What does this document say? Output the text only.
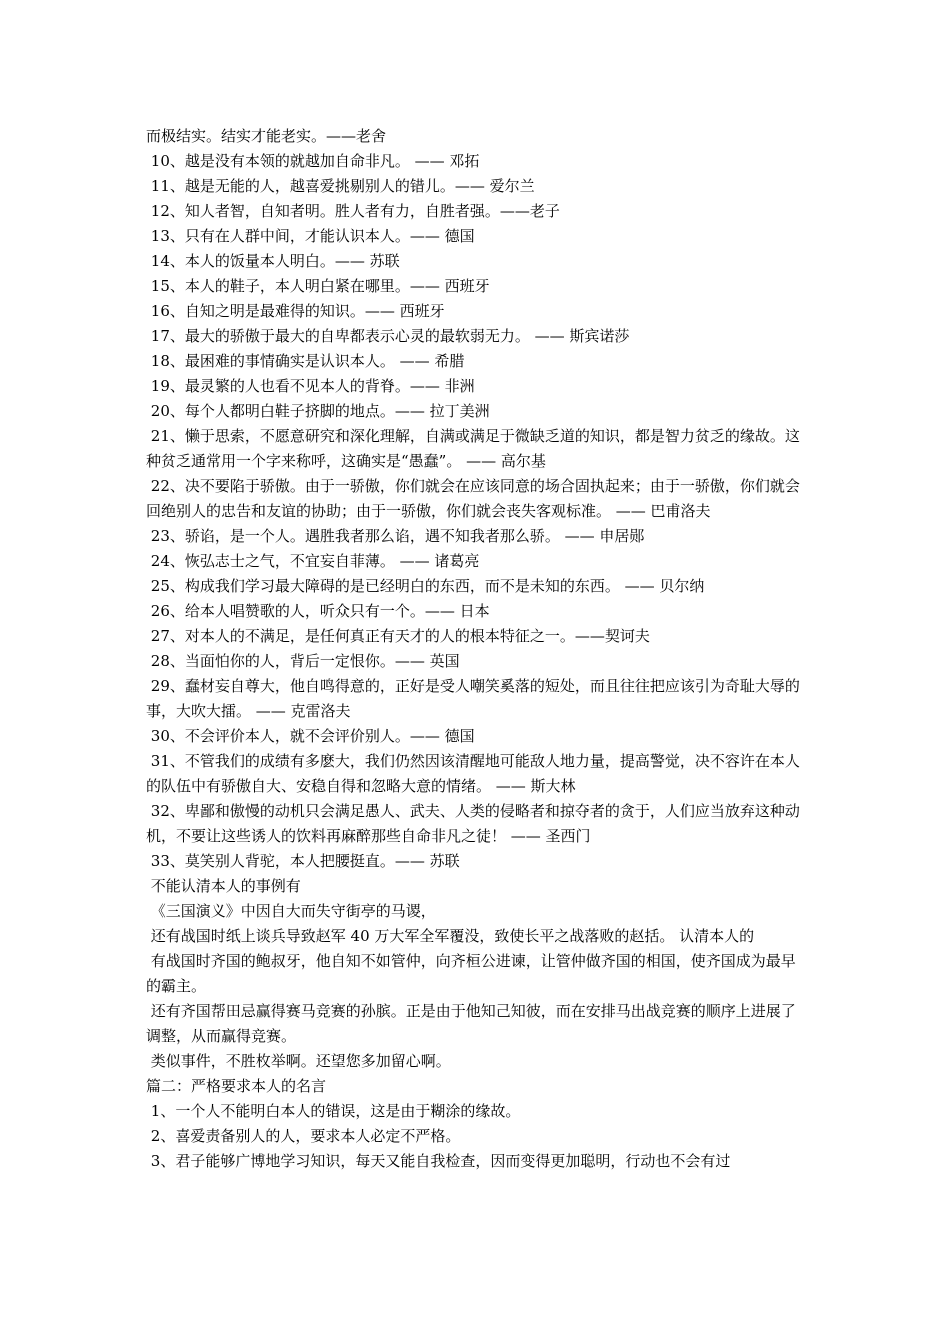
而极结实。结实才能老实。——老舍

10、越是没有本领的就越加自命非凡。 —— 邓拓

11、越是无能的人，越喜爱挑剔别人的错儿。—— 爱尔兰

12、知人者智，自知者明。胜人者有力，自胜者强。——老子

13、只有在人群中间，才能认识本人。—— 德国

14、本人的饭量本人明白。—— 苏联

15、本人的鞋子，本人明白紧在哪里。—— 西班牙

16、自知之明是最难得的知识。—— 西班牙

17、最大的骄傲于最大的自卑都表示心灵的最软弱无力。 —— 斯宾诺莎

18、最困难的事情确实是认识本人。 —— 希腊

19、最灵繁的人也看不见本人的背脊。—— 非洲

20、每个人都明白鞋子挤脚的地点。—— 拉丁美洲

21、懒于思索，不愿意研究和深化理解，自满或满足于微缺乏道的知识，都是智力贫乏的缘故。这种贫乏通常用一个字来称呼，这确实是“愚蠢”。 —— 高尔基

22、决不要陷于骄傲。由于一骄傲，你们就会在应该同意的场合固执起来；由于一骄傲，你们就会回绝别人的忠告和友谊的协助；由于一骄傲，你们就会丧失客观标准。 —— 巴甫洛夫

23、骄谄，是一个人。遇胜我者那么谄，遇不知我者那么骄。 —— 申居郧

24、恢弘志士之气，不宜妄自菲薄。 —— 诸葛亮

25、构成我们学习最大障碍的是已经明白的东西，而不是未知的东西。 —— 贝尔纳

26、给本人唱赞歌的人，听众只有一个。—— 日本

27、对本人的不满足，是任何真正有天才的人的根本特征之一。——契诃夫

28、当面怕你的人，背后一定恨你。—— 英国

29、蠢材妄自尊大，他自鸣得意的，正好是受人嘲笑奚落的短处，而且往往把应该引为奇耻大辱的事，大吹大擂。 —— 克雷洛夫

30、不会评价本人，就不会评价别人。—— 德国

31、不管我们的成绩有多麽大，我们仍然因该清醒地可能敌人地力量，提高警觉，决不容许在本人的队伍中有骄傲自大、安稳自得和忽略大意的情绪。 —— 斯大林

32、卑鄙和傲慢的动机只会满足愚人、武夫、人类的侵略者和掠夺者的贪于，人们应当放弃这种动机，不要让这些诱人的饮料再麻醉那些自命非凡之徒！ —— 圣西门

33、莫笑别人背驼，本人把腰挺直。—— 苏联

不能认清本人的事例有

《三国演义》中因自大而失守街亭的马谡，

还有战国时纸上谈兵导致赵军 40 万大军全军覆没，致使长平之战落败的赵括。 认清本人的

有战国时齐国的鲍叔牙，他自知不如管仲，向齐桓公进谏，让管仲做齐国的相国，使齐国成为最早的霸主。

还有齐国帮田忌赢得赛马竞赛的孙膑。正是由于他知己知彼，而在安排马出战竞赛的顺序上进展了调整，从而赢得竞赛。

类似事件，不胜枚举啊。还望您多加留心啊。

篇二：严格要求本人的名言

1、一个人不能明白本人的错误，这是由于糊涂的缘故。

2、喜爱责备别人的人，要求本人必定不严格。

3、君子能够广博地学习知识，每天又能自我检查，因而变得更加聪明，行动也不会有过
